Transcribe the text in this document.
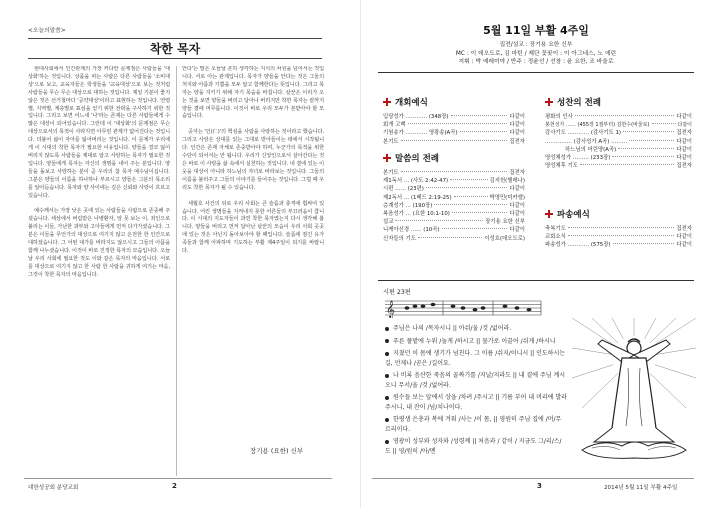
<오늘의말씀>
착한 목자

현대사회에서 인간관계의 가장 커다란 문제점은 사람들을 '대상화'하는 것입니다. 상품을 파는 사람은 다른 사람들을 '소비대상'으로 보고, 교육자들은 학생들을 '교육대상'으로 보는 것처럼 사람들을 무슨 무슨 대상으로 대하는 것입니다. 제일 기분이 좋지 않은 것은 선거철마다 '공약대상'이라고 표현하는 것입니다. 연령별, 지역별, 계층별로 표심을 얻기 위한 전략을 구사하기 위한 것입니다. 그리고 보면 어느새 '나'라는 존재는 다른 사람들에게 수많은 대상이 되어있습니다. 그런데 이 '대상화'의 문제점은 무슨 대상으로서의 목적이 사라지면 아무런 관계가 없어진다는 것입니다. 더불어 삶이 자아를 잃어버리는 것입니다. 이 문제가 우리에게 이 시대의 착한 목자가 필요한 이유입니다. 양들을 결코 잃어버리지 않도록 사람들을 제대로 알고 사랑하는 목자가 필요한 것입니다. 양들에게 목자는 자신의 생명을 내어 주는 분입니다. 양들을 돌보고 사랑하는 분이 곧 우리의 참 목자 예수님이십니다. 그분은 양들의 이름을 하나하나 부르시고 양들은 그분의 목소리를 알아듣습니다. 목자와 양 사이에는 깊은 신뢰와 사랑이 흐르고 있습니다.

예수께서는 가장 낮은 곳에 있는 사람들을 사람으로 존중해 주셨습니다. 세상에서 버림받은 나병환자, 앞 못 보는 이, 죄인으로 불리는 이들, 가난한 과부와 고아들에게 먼저 다가가셨습니다. 그분은 이들을 무언가의 대상으로 여기지 않고 온전한 한 인간으로 대하셨습니다. 그 어떤 대가를 바라지도 않으시고 그들의 아픔을 함께 나누셨습니다. 이것이 바로 진정한 목자의 모습입니다. 오늘날 우리 사회에 필요한 것도 이와 같은 목자의 마음입니다. 서로를 대상으로 여기지 않고 한 사람 한 사람을 귀하게 여기는 마음, 그것이 착한 목자의 마음입니다.

안다'는 말은 오늘날 흔히 생각하는 지식의 차원을 넘어서는 것입니다. 서로 아는 관계입니다. 목자가 양들을 안다는 것은 그들의 처지와 아픔과 기쁨을 모두 알고 함께한다는 뜻입니다. 그리고 목자는 양을 지키기 위해 자기 목숨을 바칩니다. 삯꾼은 이리가 오는 것을 보면 양들을 버리고 달아나 버리지만 착한 목자는 끝까지 양들 곁에 머무릅니다. 이것이 바로 우리 모두가 본받아야 할 모습입니다.

공자는 '인(仁)'의 핵심을 사람을 사랑하는 것이라고 했습니다. 그리고 사랑은 상대를 있는 그대로 받아들이는 데에서 시작됩니다. 인간은 존재 자체로 존중받아야 하며, 누군가의 목적을 위한 수단이 되어서는 안 됩니다. 우리가 신앙인으로서 살아간다는 것은 바로 이 사랑을 삶 속에서 실천하는 것입니다. 내 곁에 있는 이웃을 대상이 아니라 하느님의 자녀로 바라보는 것입니다. 그들의 이름을 불러주고 그들의 이야기를 들어주는 것입니다. 그럴 때 우리도 착한 목자가 될 수 있습니다.

세월호 사건의 뒤로 우리 사회는 큰 슬픔과 충격에 휩싸여 있습니다. 어린 생명들을 지켜내지 못한 어른들의 부끄러움이 큽니다. 이 시대의 지도자들이 과연 착한 목자였는지 다시 생각해 봅니다. 양들을 버리고 먼저 달아난 삯꾼의 모습이 우리 사회 곳곳에 있는 것은 아닌지 돌아보아야 할 때입니다. 슬픔에 잠긴 유가족들과 함께 아파하며 기도하는 부활 제4주일이 되기를 바랍니다.

장기용 (요한) 신부
대한성공회 분당교회	2
5월 11일 부활 4주일
집전/설교 : 장기용 요한 신부
MC : 이 데오도로, 김 마틴 / 제단 꽃꽂이 : 이 아그네스, 노 에린
지휘 : 박 예레미야 / 반주 : 정윤선 / 선창 : 윤 요한, 조 바울로
개회예식
입당성가 ………… (348장)	다같이
회개 고백	다같이
기원송가 ………… 영광송(A곡)	다같이
본기도	집전자
말씀의 전례
본기도	집전자
제1독서 … (사도 2:42-47)	김지헌(헬레나)
시편 …… (23편)	다같이
제2독서 … (1베드 2:19-25)	박영민(미카엘)
층계성가 … (190장)	다같이
복음성가 … (요한 10:1-10)	다같이
설교	장기용 요한 신부
니케아신경 …… (10곡)	다같이
신자들의 기도	이성호(데오도로)
성찬의 전례
평화의 인사	다같이
봉헌성가 …… (455장 1절부터) 김한수(바울로)	다같이
감사기도 ………… (감사기도 1)	집전자
…………… (감사성가 A곡) ………	다같이
하느님의 어린양(A곡)	다같이
영성체성가 ……… (233장)	다같이
영성체후 기도	집전자
파송예식
축복기도	집전자
교회소식	다같이
파송성가 ………… (575장)	다같이
시편 23편
𝄞
주님은 나의 /목자시니 || 아쉬/울 /것 /없어라.
푸른 풀밭에 누워 /놀게 /하시고 || 물가로 이끌어 /쉬게 /하시니
지쳤던 이 몸에 생기가 넘친다. 그 이름 /쉬지/이니시 || 인도하시는 길, 언제나 /곧은 /길이요.
나 비록 음산한 죽음의 골짜기를 /지날/지라도 || 내 곁에 주님 계시오니 무서/울 /것 /없어라.
원수들 보는 앞에서 상을 /차려 /주시고 || 기름 부어 내 머리에 발라주시니, 내 잔이 /넘/치나이다.
한평생 은총과 복에 겨워 /사는 /이 몸, || 영원히 주님 집에 /머/무르리이다.
영광이 성부와 성자와 /성령께 || 처음과 / 같이 / 지금도 그/리/스/도 || 영/원히 /아/멘
3	2014년 5월 11일 부활 4주일
